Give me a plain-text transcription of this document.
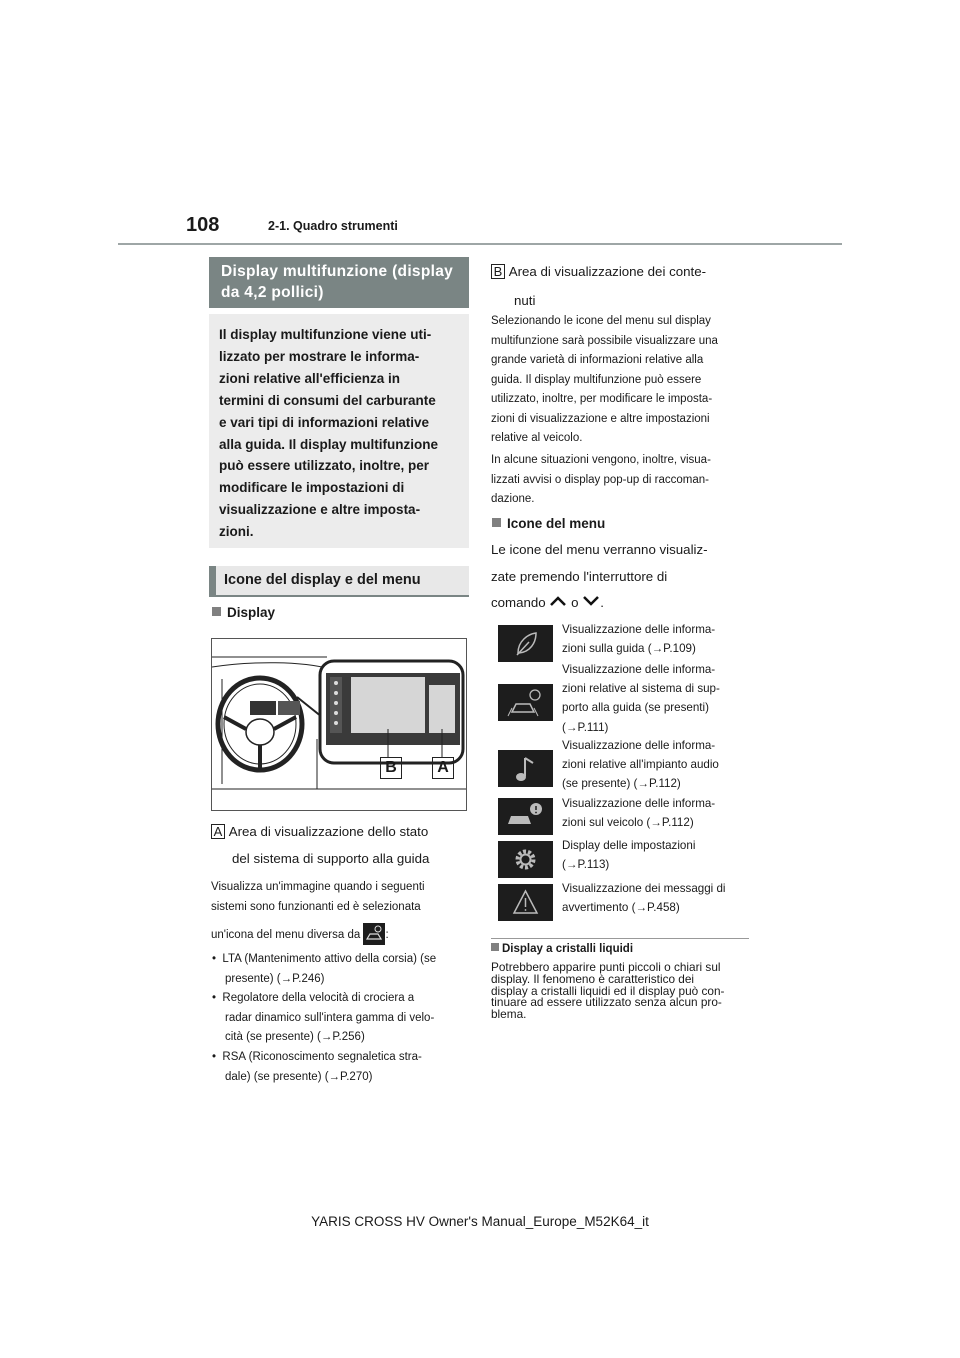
108	2-1. Quadro strumenti
Display multifunzione (display da 4,2 pollici)
Il display multifunzione viene uti-
lizzato per mostrare le informa-
zioni relative all'efficienza in
termini di consumi del carburante
e vari tipi di informazioni relative
alla guida. Il display multifunzione
può essere utilizzato, inoltre, per
modificare le impostazioni di
visualizzazione e altre imposta-
zioni.
Icone del display e del menu
Display
B	A
A Area di visualizzazione dello stato
del sistema di supporto alla guida
Visualizza un'immagine quando i seguenti
sistemi sono funzionanti ed è selezionata
un'icona del menu diversa da :
•  LTA (Mantenimento attivo della corsia) (se
presente) (→P.246)
•  Regolatore della velocità di crociera a
radar dinamico sull'intera gamma di velo-
cità (se presente) (→P.256)
•  RSA (Riconoscimento segnaletica stra-
dale) (se presente) (→P.270)
B Area di visualizzazione dei conte-
nuti
Selezionando le icone del menu sul display
multifunzione sarà possibile visualizzare una
grande varietà di informazioni relative alla
guida. Il display multifunzione può essere
utilizzato, inoltre, per modificare le imposta-
zioni di visualizzazione e altre impostazioni
relative al veicolo.
In alcune situazioni vengono, inoltre, visua-
lizzati avvisi o display pop-up di raccoman-
dazione.
Icone del menu
Le icone del menu verranno visualiz-
zate premendo l'interruttore di
comando o .
Visualizzazione delle informa-
zioni sulla guida (→P.109)
Visualizzazione delle informa-
zioni relative al sistema di sup-
porto alla guida (se presenti)
(→P.111)
Visualizzazione delle informa-
zioni relative all'impianto audio
(se presente) (→P.112)
Visualizzazione delle informa-
zioni sul veicolo (→P.112)
Display delle impostazioni
(→P.113)
Visualizzazione dei messaggi di
avvertimento (→P.458)
Display a cristalli liquidi
Potrebbero apparire punti piccoli o chiari sul
display. Il fenomeno è caratteristico dei
display a cristalli liquidi ed il display può con-
tinuare ad essere utilizzato senza alcun pro-
blema.
YARIS CROSS HV Owner's Manual_Europe_M52K64_it
